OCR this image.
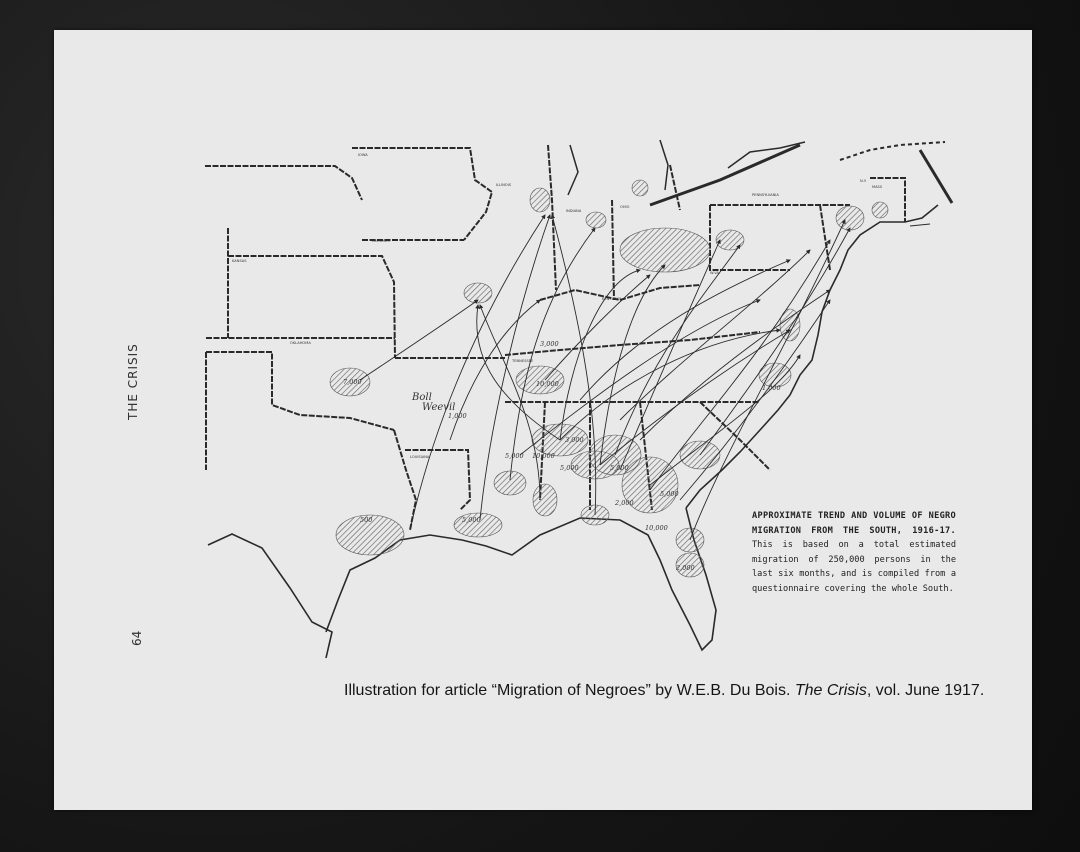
THE CRISIS
64
IOWA
ILLINOIS
INDIANA
OHIO
PENNSYLVANIA
MISSOURI
KANSAS
OKLAHOMA
KENTUCKY
TENNESSEE
LOUISIANA
N.Y.
MASS
W.VA.
7,000
1,000
3,000
10,000
3,000
5,000 10,000
5,000	5,000
2,000
500	5,000
10,000
5,000
2,000
1,000
Boll
Weevil
APPROXIMATE TREND AND VOLUME OF NEGRO MIGRATION FROM THE SOUTH, 1916-17. This is based on a total estimated migration of 250,000 persons in the last six months, and is compiled from a questionnaire covering the whole South.
Illustration for article “Migration of Negroes” by W.E.B. Du Bois. The Crisis, vol. June 1917.
